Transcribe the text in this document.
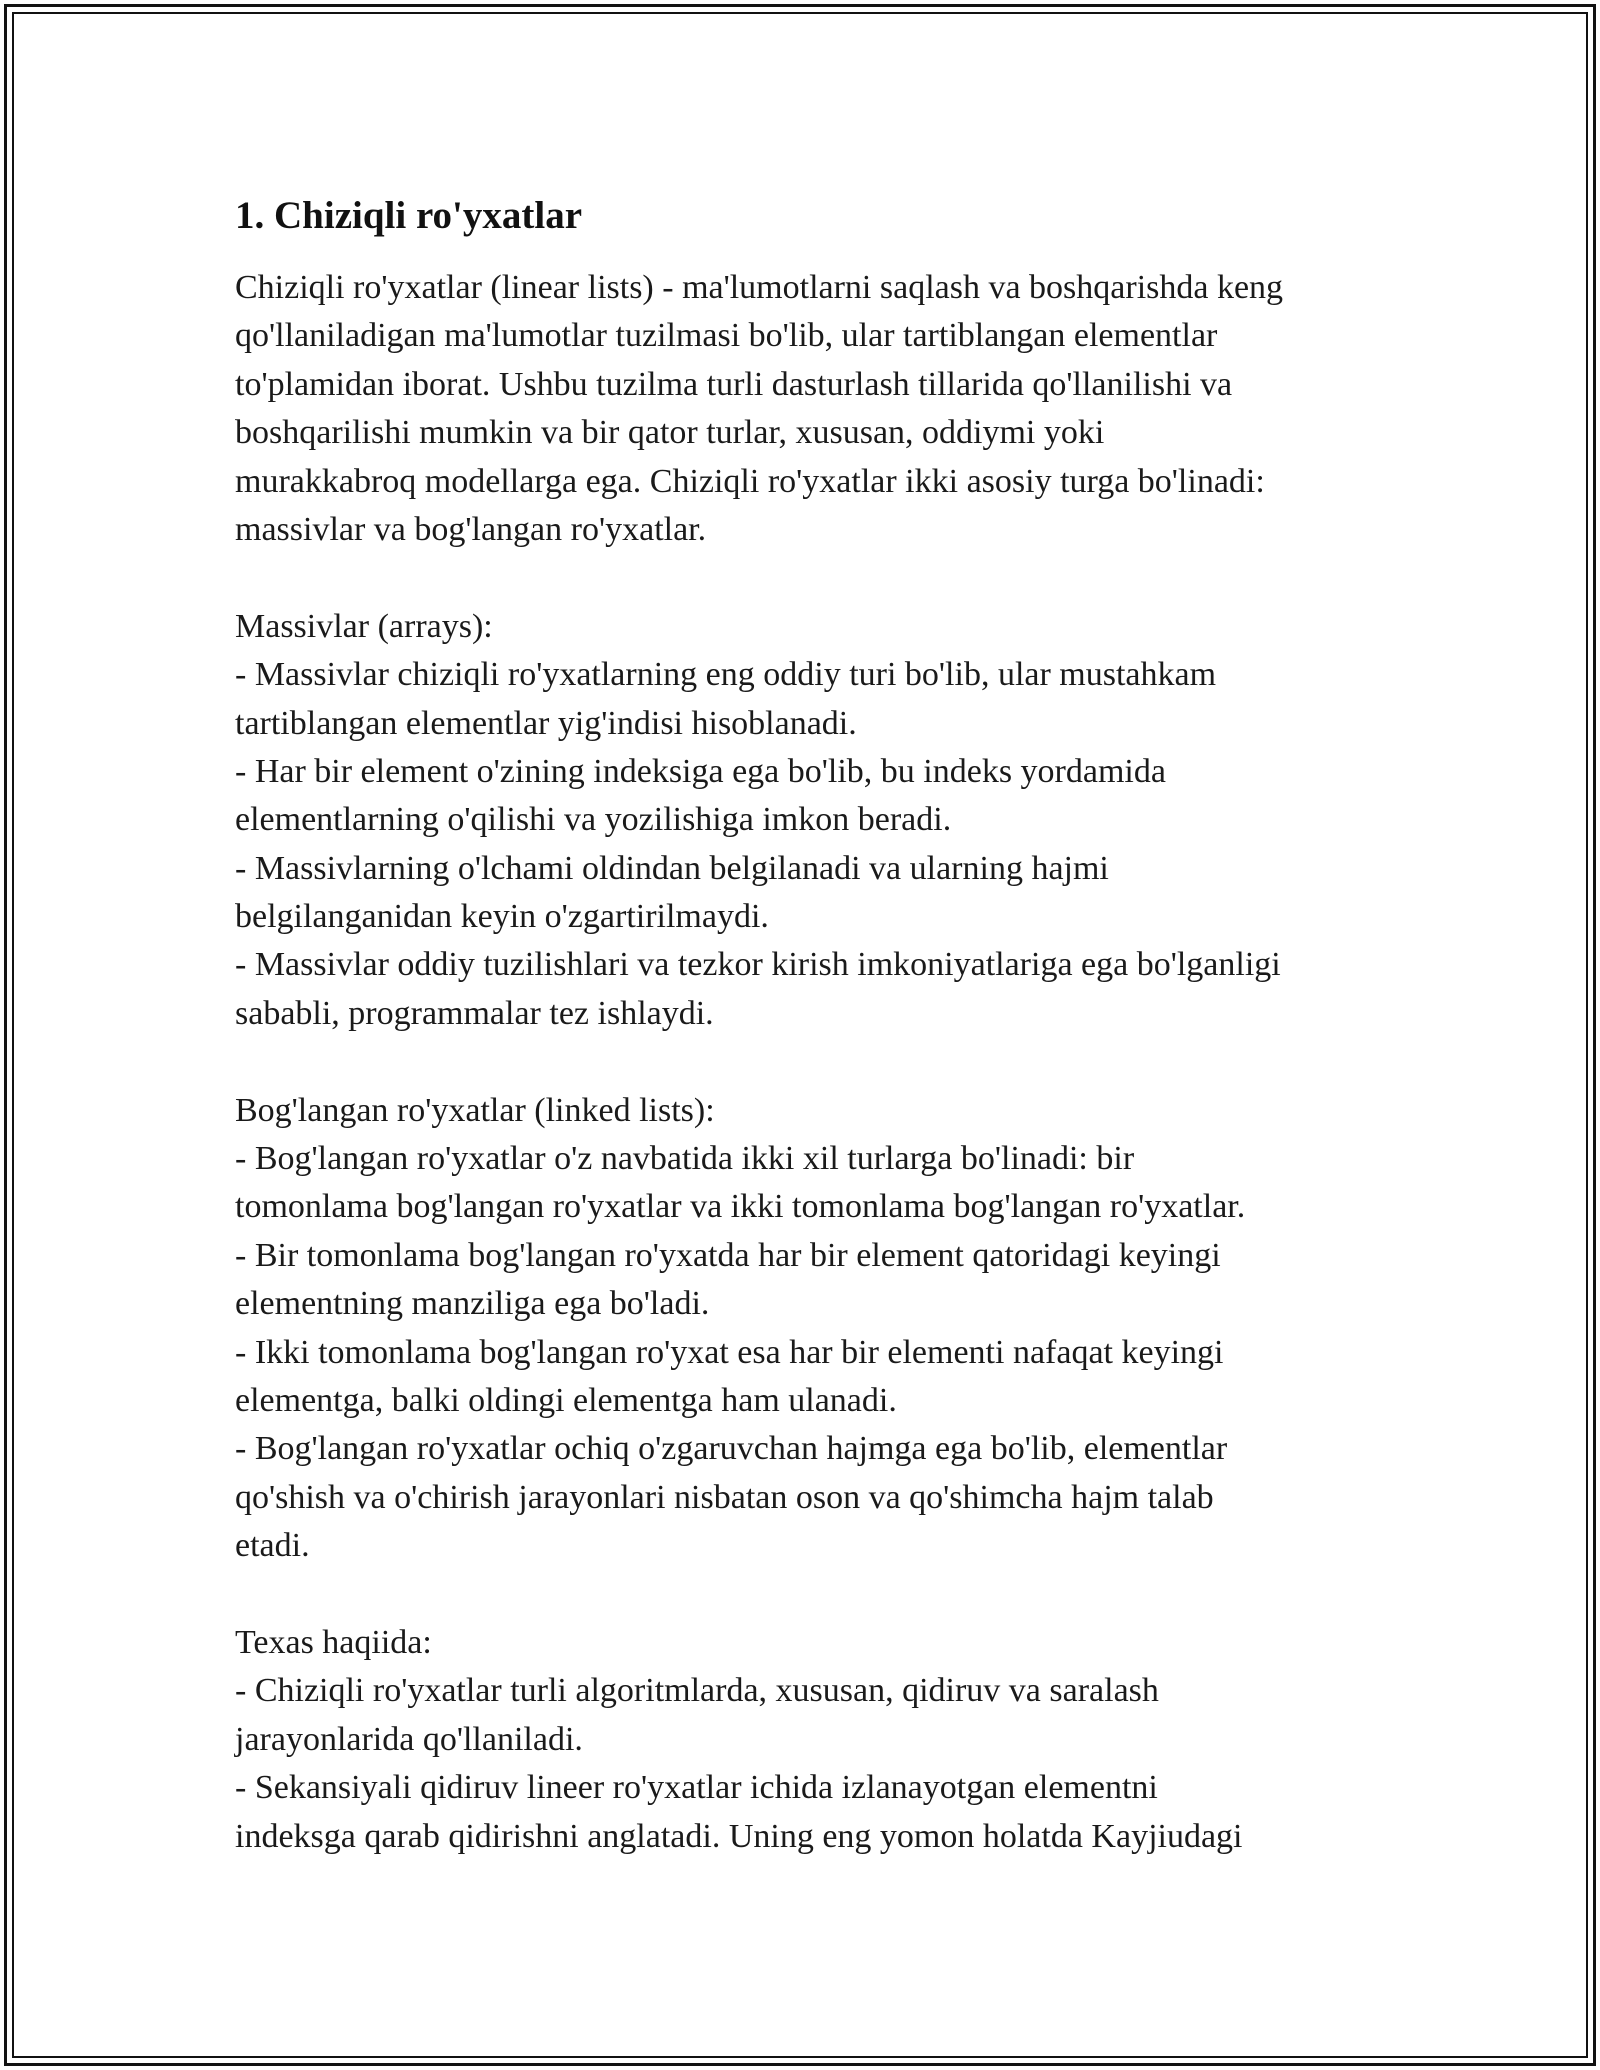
1. Chiziqli ro'yxatlar
Chiziqli ro'yxatlar (linear lists) - ma'lumotlarni saqlash va boshqarishda keng
qo'llaniladigan ma'lumotlar tuzilmasi bo'lib, ular tartiblangan elementlar
to'plamidan iborat. Ushbu tuzilma turli dasturlash tillarida qo'llanilishi va
boshqarilishi mumkin va bir qator turlar, xususan, oddiymi yoki
murakkabroq modellarga ega. Chiziqli ro'yxatlar ikki asosiy turga bo'linadi:
massivlar va bog'langan ro'yxatlar.
Massivlar (arrays):
- Massivlar chiziqli ro'yxatlarning eng oddiy turi bo'lib, ular mustahkam
tartiblangan elementlar yig'indisi hisoblanadi.
- Har bir element o'zining indeksiga ega bo'lib, bu indeks yordamida
elementlarning o'qilishi va yozilishiga imkon beradi.
- Massivlarning o'lchami oldindan belgilanadi va ularning hajmi
belgilanganidan keyin o'zgartirilmaydi.
- Massivlar oddiy tuzilishlari va tezkor kirish imkoniyatlariga ega bo'lganligi
sababli, programmalar tez ishlaydi.
Bog'langan ro'yxatlar (linked lists):
- Bog'langan ro'yxatlar o'z navbatida ikki xil turlarga bo'linadi: bir
tomonlama bog'langan ro'yxatlar va ikki tomonlama bog'langan ro'yxatlar.
- Bir tomonlama bog'langan ro'yxatda har bir element qatoridagi keyingi
elementning manziliga ega bo'ladi.
- Ikki tomonlama bog'langan ro'yxat esa har bir elementi nafaqat keyingi
elementga, balki oldingi elementga ham ulanadi.
- Bog'langan ro'yxatlar ochiq o'zgaruvchan hajmga ega bo'lib, elementlar
qo'shish va o'chirish jarayonlari nisbatan oson va qo'shimcha hajm talab
etadi.
Texas haqiida:
- Chiziqli ro'yxatlar turli algoritmlarda, xususan, qidiruv va saralash
jarayonlarida qo'llaniladi.
- Sekansiyali qidiruv lineer ro'yxatlar ichida izlanayotgan elementni
indeksga qarab qidirishni anglatadi. Uning eng yomon holatda Kayjiudagi
